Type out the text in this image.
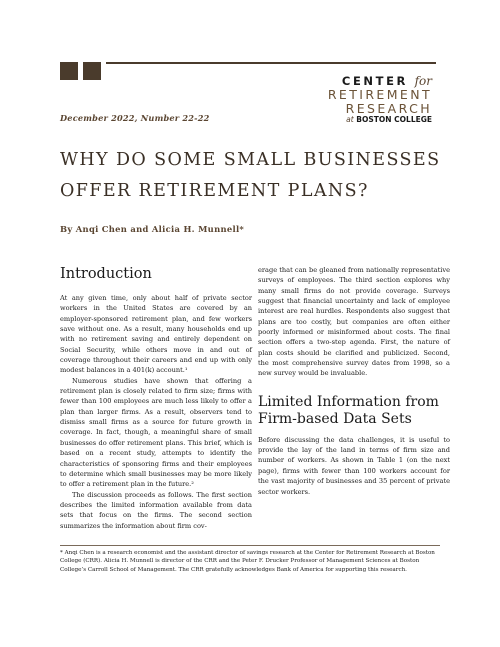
CENTER for
RETIREMENT
RESEARCH
at BOSTON COLLEGE
December 2022, Number 22-22
WHY DO SOME SMALL BUSINESSES
OFFER RETIREMENT PLANS?
By Anqi Chen and Alicia H. Munnell*
Introduction

At any given time, only about half of private sector workers in the United States are covered by an employer-sponsored retirement plan, and few workers save without one. As a result, many households end up with no retirement saving and entirely dependent on Social Security, while others move in and out of coverage throughout their careers and end up with only modest balances in a 401(k) account.¹

Numerous studies have shown that offering a retirement plan is closely related to firm size; firms with fewer than 100 employees are much less likely to offer a plan than larger firms. As a result, observers tend to dismiss small firms as a source for future growth in coverage. In fact, though, a meaningful share of small businesses do offer retirement plans. This brief, which is based on a recent study, attempts to identify the characteristics of sponsoring firms and their employees to determine which small businesses may be more likely to offer a retirement plan in the future.²

The discussion proceeds as follows. The first section describes the limited information available from data sets that focus on the firms. The second section summarizes the information about firm cov-

erage that can be gleaned from nationally representative surveys of employees. The third section explores why many small firms do not provide coverage. Surveys suggest that financial uncertainty and lack of employee interest are real hurdles. Respondents also suggest that plans are too costly, but companies are often either poorly informed or misinformed about costs. The final section offers a two-step agenda. First, the nature of plan costs should be clarified and publicized. Second, the most comprehensive survey dates from 1998, so a new survey would be invaluable.

Limited Information from
Firm-based Data Sets

Before discussing the data challenges, it is useful to provide the lay of the land in terms of firm size and number of workers. As shown in Table 1 (on the next page), firms with fewer than 100 workers account for the vast majority of businesses and 35 percent of private sector workers.

* Anqi Chen is a research economist and the assistant director of savings research at the Center for Retirement Research at Boston College (CRR). Alicia H. Munnell is director of the CRR and the Peter F. Drucker Professor of Management Sciences at Boston College’s Carroll School of Management. The CRR gratefully acknowledges Bank of America for supporting this research.
